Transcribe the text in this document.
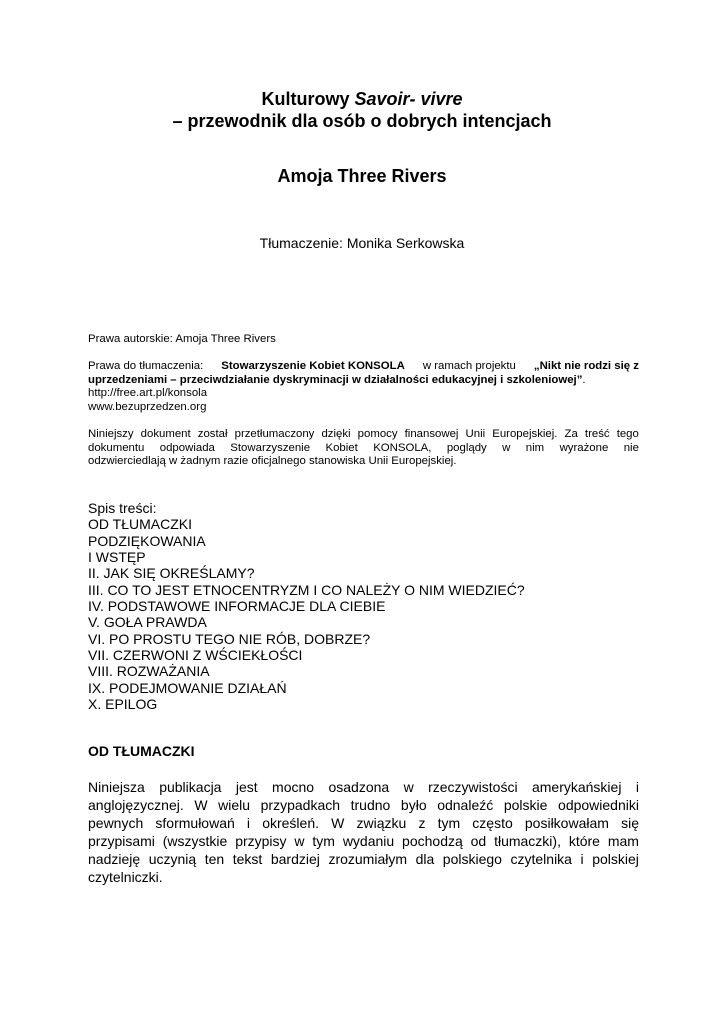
Kulturowy Savoir- vivre
– przewodnik dla osób o dobrych intencjach
Amoja Three Rivers
Tłumaczenie: Monika Serkowska
Prawa autorskie: Amoja Three Rivers
Prawa do tłumaczenia: Stowarzyszenie Kobiet KONSOLA w ramach projektu „Nikt nie rodzi się z
uprzedzeniami – przeciwdziałanie dyskryminacji w działalności edukacyjnej i szkoleniowej”.
http://free.art.pl/konsola
www.bezuprzedzen.org
Niniejszy dokument został przetłumaczony dzięki pomocy finansowej Unii Europejskiej. Za treść tego
dokumentu odpowiada Stowarzyszenie Kobiet KONSOLA, poglądy w nim wyrażone nie
odzwierciedlają w żadnym razie oficjalnego stanowiska Unii Europejskiej.
Spis treści:
OD TŁUMACZKI
PODZIĘKOWANIA
I WSTĘP
II. JAK SIĘ OKREŚLAMY?
III. CO TO JEST ETNOCENTRYZM I CO NALEŻY O NIM WIEDZIEĆ?
IV. PODSTAWOWE INFORMACJE DLA CIEBIE
V. GOŁA PRAWDA
VI. PO PROSTU TEGO NIE RÓB, DOBRZE?
VII. CZERWONI Z WŚCIEKŁOŚCI
VIII. ROZWAŻANIA
IX. PODEJMOWANIE DZIAŁAŃ
X. EPILOG
OD TŁUMACZKI
Niniejsza publikacja jest mocno osadzona w rzeczywistości amerykańskiej i
anglojęzycznej. W wielu przypadkach trudno było odnaleźć polskie odpowiedniki
pewnych sformułowań i określeń. W związku z tym często posiłkowałam się
przypisami (wszystkie przypisy w tym wydaniu pochodzą od tłumaczki), które mam
nadzieję uczynią ten tekst bardziej zrozumiałym dla polskiego czytelnika i polskiej
czytelniczki.
